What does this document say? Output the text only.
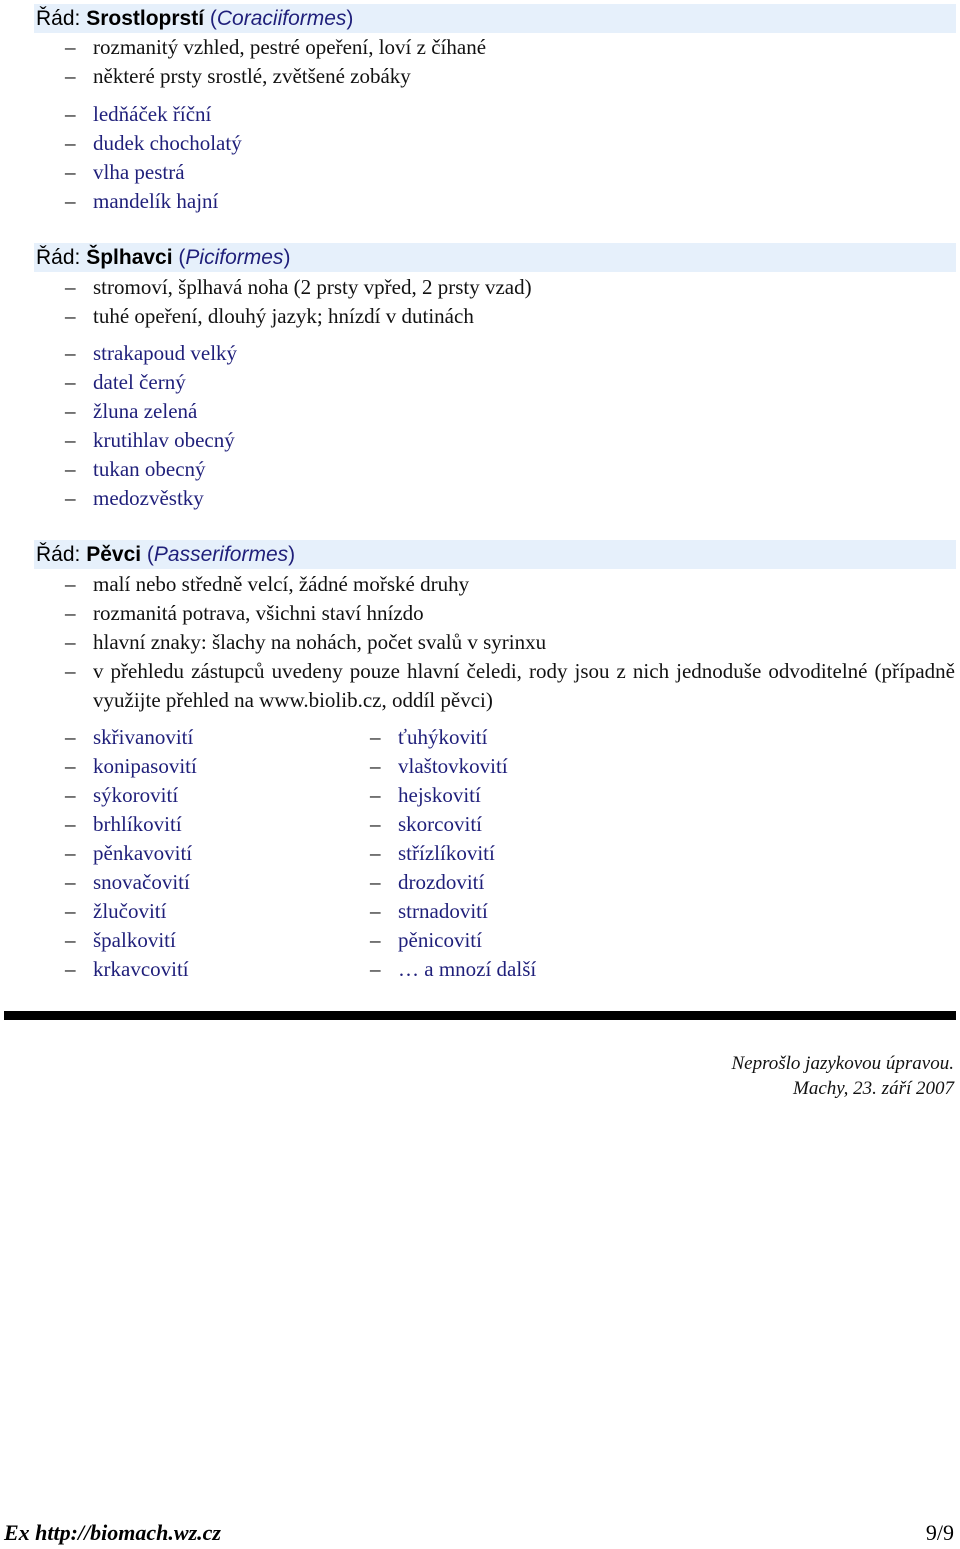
Řád: Srostloprstí (Coraciiformes)
– rozmanitý vzhled, pestré opeření, loví z číhané
– některé prsty srostlé, zvětšené zobáky
– ledňáček říční
– dudek chocholatý
– vlha pestrá
– mandelík hajní
Řád: Šplhavci (Piciformes)
– stromoví, šplhavá noha (2 prsty vpřed, 2 prsty vzad)
– tuhé opeření, dlouhý jazyk; hnízdí v dutinách
– strakapoud velký
– datel černý
– žluna zelená
– krutihlav obecný
– tukan obecný
– medozvěstky
Řád: Pěvci (Passeriformes)
– malí nebo středně velcí, žádné mořské druhy
– rozmanitá potrava, všichni staví hnízdo
– hlavní znaky: šlachy na nohách, počet svalů v syrinxu
– v přehledu zástupců uvedeny pouze hlavní čeledi, rody jsou z nich jednoduše odvoditelné (případně využijte přehled na www.biolib.cz, oddíl pěvci)
– skřivanovití
– konipasovití
– sýkorovití
– brhlíkovití
– pěnkavovití
– snovačovití
– žlučovití
– špalkovití
– krkavcovití
– ťuhýkovití
– vlaštovkovití
– hejskovití
– skorcovití
– střízlíkovití
– drozdovití
– strnadovití
– pěnicovití
– … a mnozí další
Neprošlo jazykovou úpravou.
Machy, 23. září 2007
Ex http://biomach.wz.cz	9/9
